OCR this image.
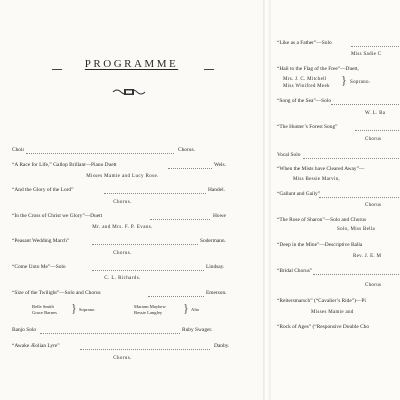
PROGRAMME
Choir	Chorus.
“A Race for Life,” Gallop Brillant—Piano Duett	Wels.
Misses Mamie and Lucy Rose.
“And the Glory of the Lord”	Handel.
Chorus.
“In the Cross of Christ we Glory”—Duett	Howe
Mr. and Mrs. F. P. Evans.
“Peasant Wedding March”	Sodermann.
Chorus.
“Come Unto Me”—Solo	Lindsay.
C. L. Richards.
“Size of the Twilight”—Solo and Chorus	Emerson.
Belle Smith
Grace Barnes } Soprano.
Mariam Mayhew
Bessie Langley } Alto
Banjo Solo	Ruby Swager.
“Awake Æolian Lyre”	Danby.
Chorus.
“Like as a Father”—Solo
Miss Sadie C
“Hail to the Flag of the Free”—Duett,
Mrs. J. C. Mitchell
Miss Winifred Meek } Soprano.
“Song of the Sea”—Solo
W. L. Ba
“The Hunter’s Forest Song”
Chorus
Vocal Solo
“When the Mists have Cleared Away”—
Miss Bessie Marvin,
“Gallant and Gaily”
Chorus
“The Rose of Sharon”—Solo and Chorus
Solo, Miss Bella
“Deep in the Mine”—Descriptive Balla
Rev. J. E. M
“Bridal Chorus”
Chorus
“Reitersmarsch” (“Cavalier’s Ride”)—Pi
Misses Mamie and
“Rock of Ages” (“Responsive Double Cho
